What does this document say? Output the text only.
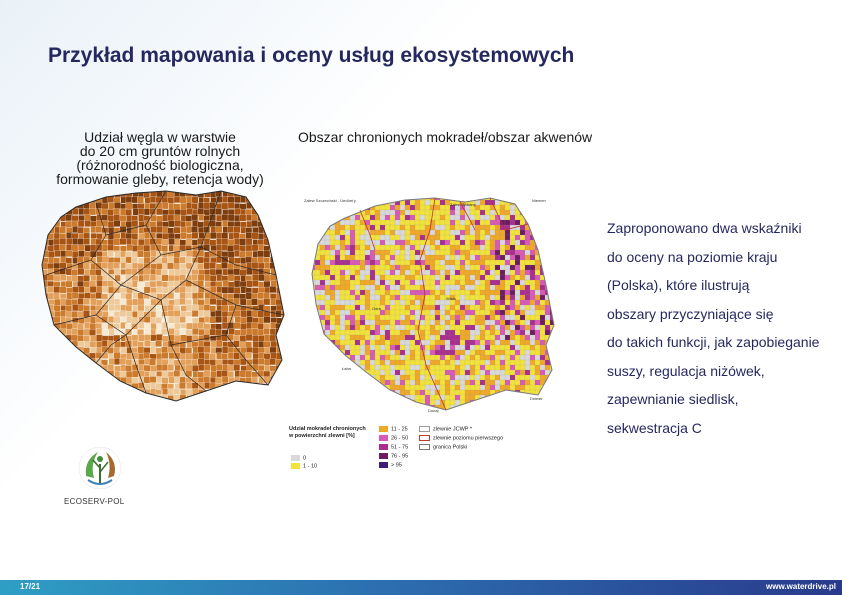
Przykład mapowania i oceny usług ekosystemowych
Udział węgla w warstwie
do 20 cm gruntów rolnych
(różnorodność biologiczna,
formowanie gleby, retencja wody)
Obszar chronionych mokradeł/obszar akwenów
Zalew Szczeciński - Uedôm'y
Zalew Wiślany
Niemen
Odra
Wisła
Łaba
Dunaj
Dniestr
Udział mokradeł chronionych w powierzchni zlewni [%]
0
1 - 10
11 - 25
26 - 50
51 - 75
76 - 95
> 95
zlewnie JCWP *
zlewnie poziomu pierwszego
granica Polski
Zaproponowano dwa wskaźniki
do oceny na poziomie kraju
(Polska), które ilustrują
obszary przyczyniające się
do takich funkcji, jak zapobieganie
suszy, regulacja niżówek,
zapewnianie siedlisk,
sekwestracja C
ECOSERV-POL
17/21	www.waterdrive.pl
